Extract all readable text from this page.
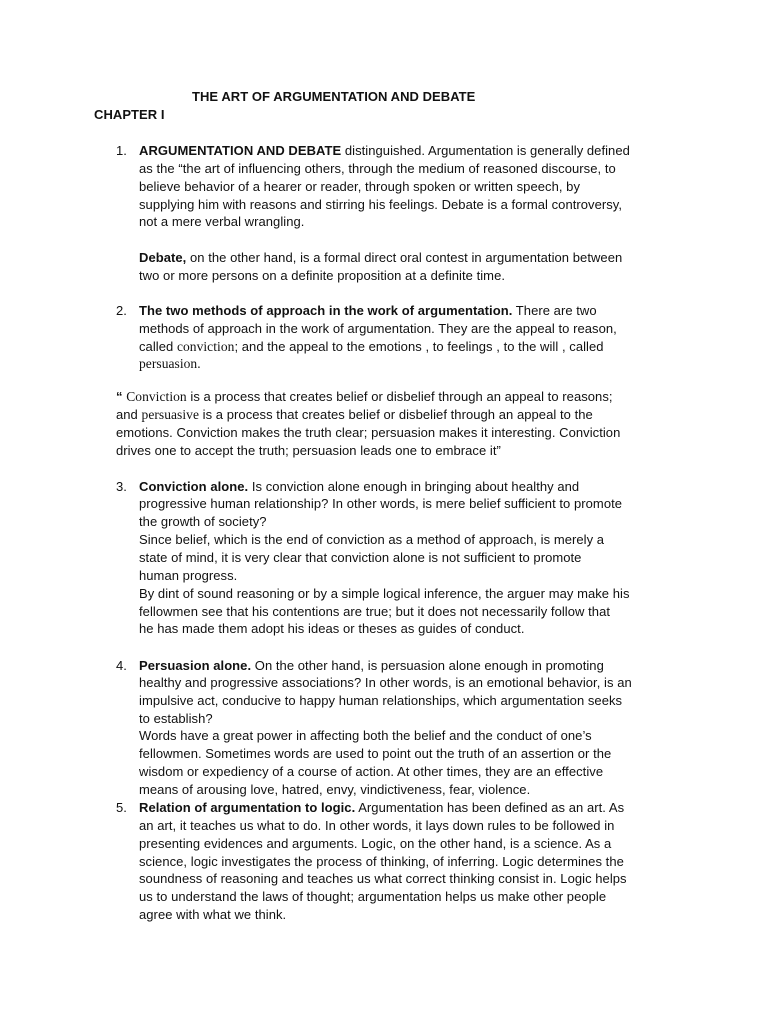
THE ART OF ARGUMENTATION AND DEBATE
CHAPTER I
1. ARGUMENTATION AND DEBATE distinguished. Argumentation is generally defined
as the “the art of influencing others, through the medium of reasoned discourse, to
believe behavior of a hearer or reader, through spoken or written speech, by
supplying him with reasons and stirring his feelings. Debate is a formal controversy,
not a mere verbal wrangling.
Debate, on the other hand, is a formal direct oral contest in argumentation between
two or more persons on a definite proposition at a definite time.
2. The two methods of approach in the work of argumentation. There are two
methods of approach in the work of argumentation. They are the appeal to reason,
called conviction; and the appeal to the emotions , to feelings , to the will , called
persuasion.
“ Conviction is a process that creates belief or disbelief through an appeal to reasons;
and persuasive is a process that creates belief or disbelief through an appeal to the
emotions. Conviction makes the truth clear; persuasion makes it interesting. Conviction
drives one to accept the truth; persuasion leads one to embrace it”
3. Conviction alone. Is conviction alone enough in bringing about healthy and
progressive human relationship? In other words, is mere belief sufficient to promote
the growth of society?
Since belief, which is the end of conviction as a method of approach, is merely a
state of mind, it is very clear that conviction alone is not sufficient to promote
human progress.
By dint of sound reasoning or by a simple logical inference, the arguer may make his
fellowmen see that his contentions are true; but it does not necessarily follow that
he has made them adopt his ideas or theses as guides of conduct.
4. Persuasion alone. On the other hand, is persuasion alone enough in promoting
healthy and progressive associations? In other words, is an emotional behavior, is an
impulsive act, conducive to happy human relationships, which argumentation seeks
to establish?
Words have a great power in affecting both the belief and the conduct of one’s
fellowmen. Sometimes words are used to point out the truth of an assertion or the
wisdom or expediency of a course of action. At other times, they are an effective
means of arousing love, hatred, envy, vindictiveness, fear, violence.
5. Relation of argumentation to logic. Argumentation has been defined as an art. As
an art, it teaches us what to do. In other words, it lays down rules to be followed in
presenting evidences and arguments. Logic, on the other hand, is a science. As a
science, logic investigates the process of thinking, of inferring. Logic determines the
soundness of reasoning and teaches us what correct thinking consist in. Logic helps
us to understand the laws of thought; argumentation helps us make other people
agree with what we think.
